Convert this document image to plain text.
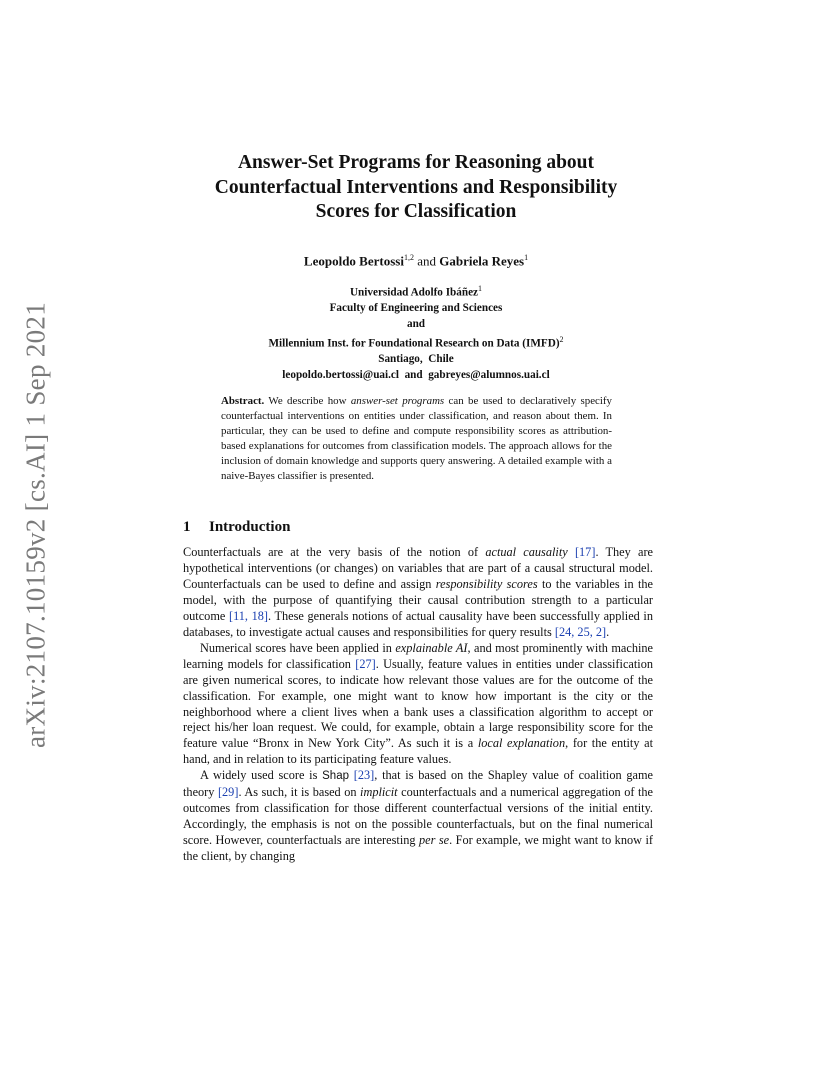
arXiv:2107.10159v2 [cs.AI] 1 Sep 2021
Answer-Set Programs for Reasoning about
Counterfactual Interventions and Responsibility
Scores for Classification
Leopoldo Bertossi$^{1,2}$ and Gabriela Reyes$^1$
Universidad Adolfo Ibáñez$^1$
Faculty of Engineering and Sciences
and
Millennium Inst. for Foundational Research on Data (IMFD)$^2$
Santiago,  Chile
leopoldo.bertossi@uai.cl  and  gabreyes@alumnos.uai.cl
Abstract. We describe how answer-set programs can be used to declaratively specify counterfactual interventions on entities under classification, and reason about them. In particular, they can be used to define and compute responsibility scores as attribution-based explanations for outcomes from classification models. The approach allows for the inclusion of domain knowledge and supports query answering. A detailed example with a naive-Bayes classifier is presented.
1 Introduction

Counterfactuals are at the very basis of the notion of actual causality [17]. They are hypothetical interventions (or changes) on variables that are part of a causal structural model. Counterfactuals can be used to define and assign responsibility scores to the variables in the model, with the purpose of quantifying their causal contribution strength to a particular outcome [11, 18]. These generals notions of actual causality have been successfully applied in databases, to investigate actual causes and responsibilities for query results [24, 25, 2].

Numerical scores have been applied in explainable AI, and most prominently with machine learning models for classification [27]. Usually, feature values in entities under classification are given numerical scores, to indicate how relevant those values are for the outcome of the classification. For example, one might want to know how important is the city or the neighborhood where a client lives when a bank uses a classification algorithm to accept or reject his/her loan request. We could, for example, obtain a large responsibility score for the feature value “Bronx in New York City”. As such it is a local explanation, for the entity at hand, and in relation to its participating feature values.

A widely used score is Shap [23], that is based on the Shapley value of coalition game theory [29]. As such, it is based on implicit counterfactuals and a numerical aggregation of the outcomes from classification for those different counterfactual versions of the initial entity. Accordingly, the emphasis is not on the possible counterfactuals, but on the final numerical score. However, counterfactuals are interesting per se. For example, we might want to know if the client, by changing
